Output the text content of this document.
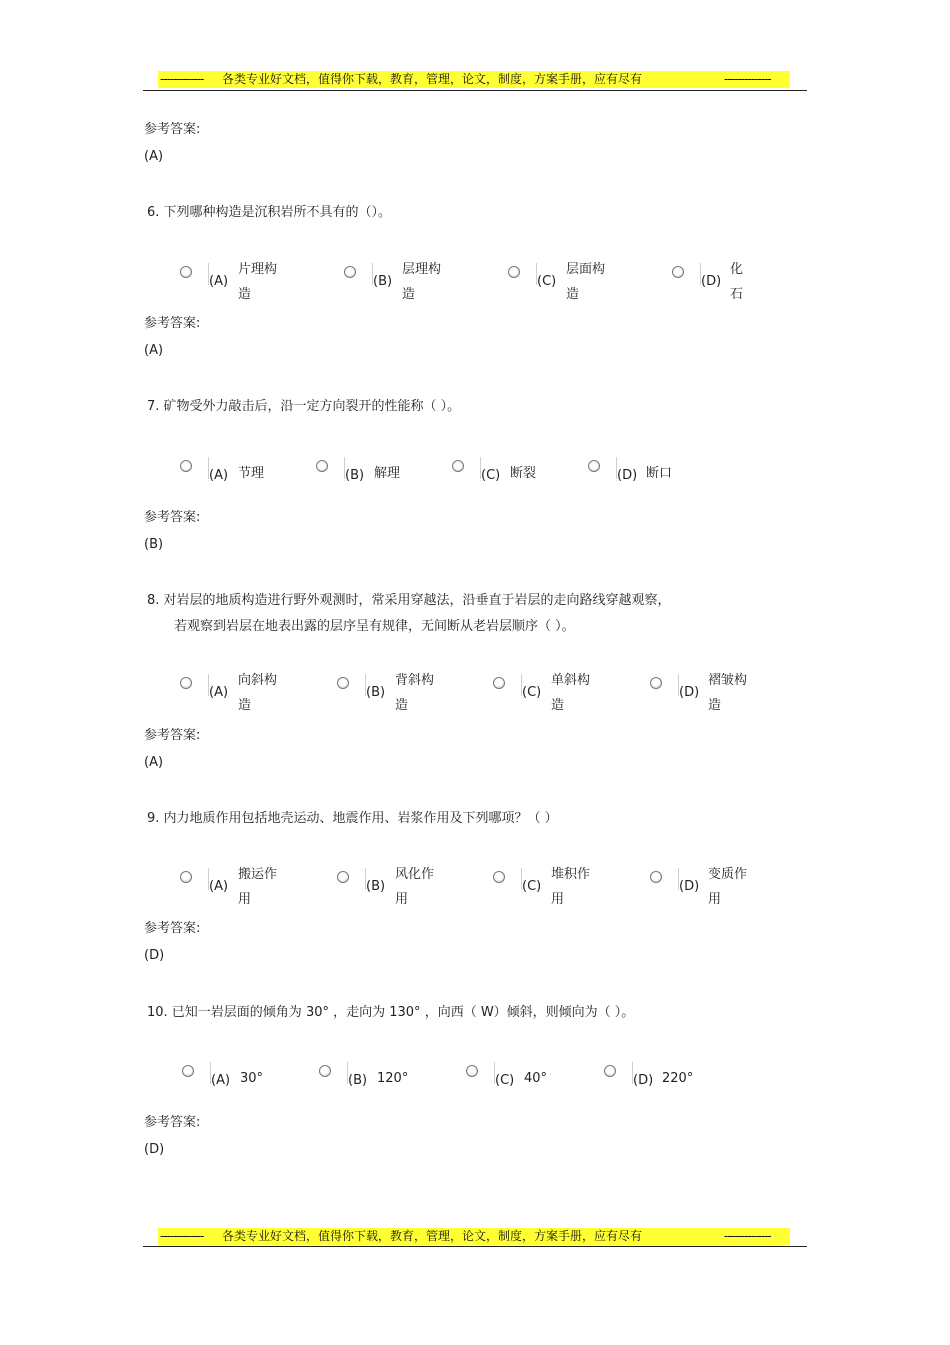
------------- 各类专业好文档，值得你下载，教育，管理，论文，制度，方案手册，应有尽有	--------------
参考答案:
(A)
6. 下列哪种构造是沉积岩所不具有的（）。
(A)
片理构造
(B)
层理构造
(C)
层面构造
(D)
化石
参考答案:
(A)
7. 矿物受外力敲击后，沿一定方向裂开的性能称（ ）。
(A) 节理	(B) 解理	(C) 断裂	(D) 断口
参考答案:
(B)
8. 对岩层的地质构造进行野外观测时，常采用穿越法，沿垂直于岩层的走向路线穿越观察，
若观察到岩层在地表出露的层序呈有规律，无间断从老岩层顺序（ ）。
(A)
向斜构造
(B)
背斜构造
(C)
单斜构造
(D)
褶皱构造
参考答案:
(A)
9. 内力地质作用包括地壳运动、地震作用、岩浆作用及下列哪项？（ ）
(A)
搬运作用
(B)
风化作用
(C)
堆积作用
(D)
变质作用
参考答案:
(D)
10. 已知一岩层面的倾角为 30° ，走向为 130° ，向西（ W）倾斜，则倾向为（ ）。
(A) 30°	(B) 120°	(C) 40°	(D) 220°
参考答案:
(D)
------------- 各类专业好文档，值得你下载，教育，管理，论文，制度，方案手册，应有尽有	--------------
